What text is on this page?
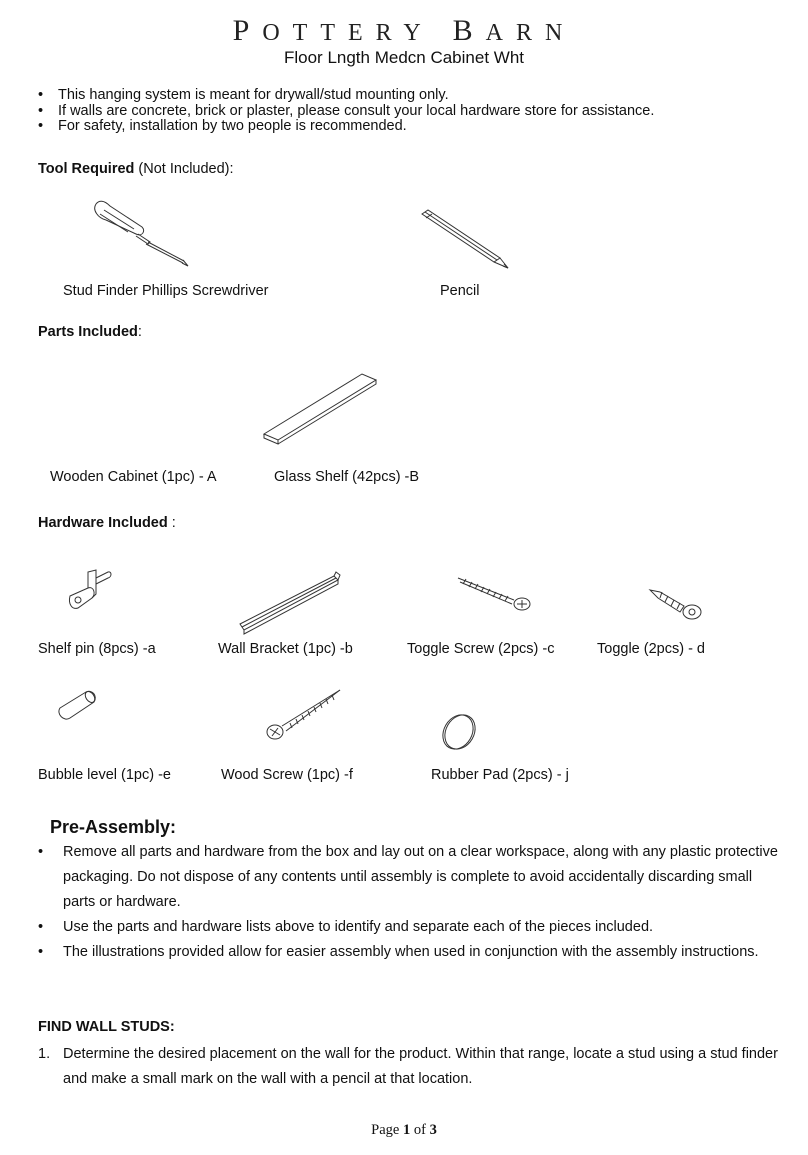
POTTERY BARN
Floor Lngth Medcn Cabinet Wht
• This hanging system is meant for drywall/stud mounting only.
• If walls are concrete, brick or plaster, please consult your local hardware store for assistance.
• For safety, installation by two people is recommended.
Tool Required (Not Included):
Stud Finder Phillips Screwdriver	Pencil
Parts Included:
Wooden Cabinet (1pc) - A	Glass Shelf (42pcs) -B
Hardware Included :
Shelf pin (8pcs) -a	Wall Bracket (1pc) -b	Toggle Screw (2pcs) -c	Toggle (2pcs) - d
Bubble level (1pc) -e	Wood Screw (1pc) -f	Rubber Pad (2pcs) - j
Pre-Assembly:
• Remove all parts and hardware from the box and lay out on a clear workspace, along with any plastic protective packaging. Do not dispose of any contents until assembly is complete to avoid accidentally discarding small parts or hardware.
• Use the parts and hardware lists above to identify and separate each of the pieces included.
• The illustrations provided allow for easier assembly when used in conjunction with the assembly instructions.
FIND WALL STUDS:
1. Determine the desired placement on the wall for the product. Within that range, locate a stud using a stud finder and make a small mark on the wall with a pencil at that location.
Page 1 of 3
